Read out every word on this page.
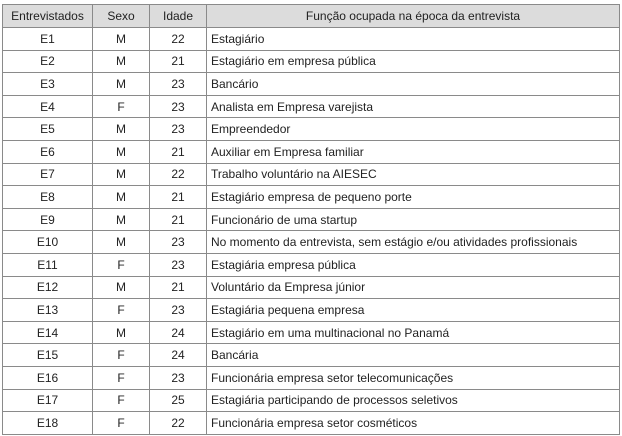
Entrevistados	Sexo	Idade	Função ocupada na época da entrevista
E1	M	22	Estagiário
E2	M	21	Estagiário em empresa pública
E3	M	23	Bancário
E4	F	23	Analista em Empresa varejista
E5	M	23	Empreendedor
E6	M	21	Auxiliar em Empresa familiar
E7	M	22	Trabalho voluntário na AIESEC
E8	M	21	Estagiário empresa de pequeno porte
E9	M	21	Funcionário de uma startup
E10	M	23	No momento da entrevista, sem estágio e/ou atividades profissionais
E11	F	23	Estagiária empresa pública
E12	M	21	Voluntário da Empresa júnior
E13	F	23	Estagiária pequena empresa
E14	M	24	Estagiário em uma multinacional no Panamá
E15	F	24	Bancária
E16	F	23	Funcionária empresa setor telecomunicações
E17	F	25	Estagiária participando de processos seletivos
E18	F	22	Funcionária empresa setor cosméticos
